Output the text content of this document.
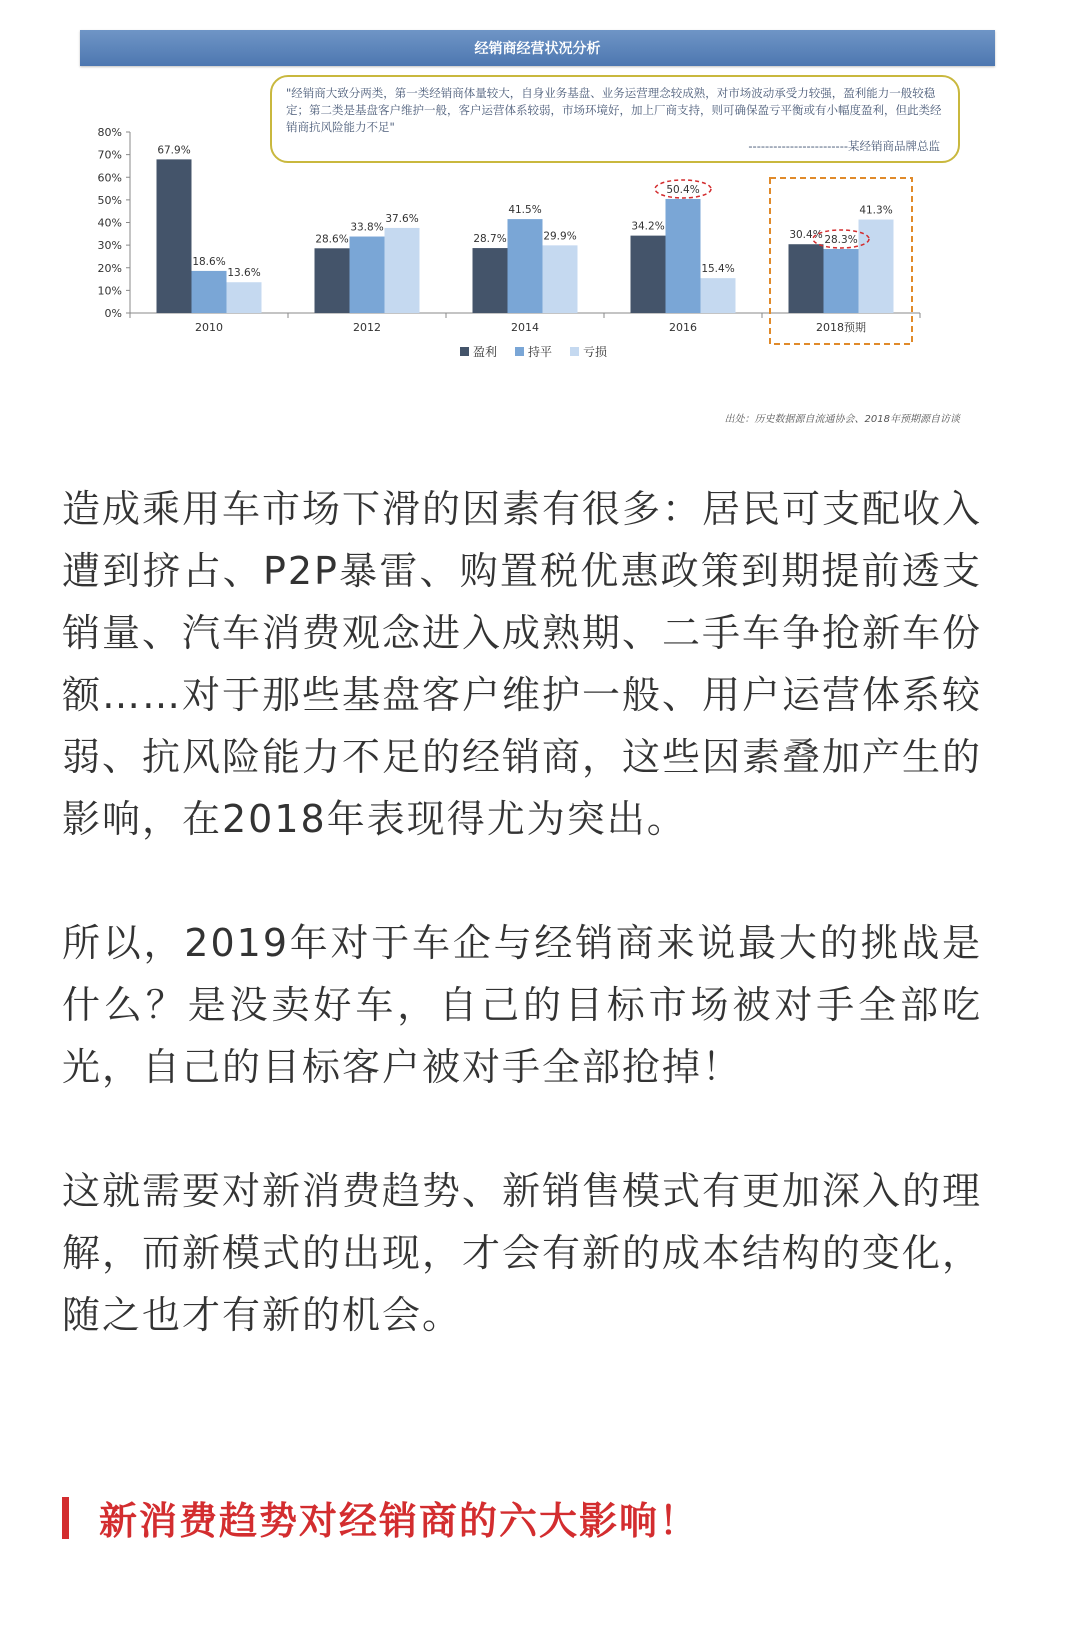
经销商经营状况分析
0%
10%
20%
30%
40%
50%
60%
70%
80%
67.9%
18.6%
13.6%
2010
28.6%
33.8%
37.6%
2012
28.7%
41.5%
29.9%
2014
34.2%
50.4%
15.4%
2016
30.4% 28.3%
41.3%
2018预期
盈利	持平	亏损
"经销商大致分两类，第一类经销商体量较大，自身业务基盘、业务运营理念较成熟，对市场波动承受力较强，盈利能力一般较稳定；第二类是基盘客户维护一般，客户运营体系较弱，市场环境好，加上厂商支持，则可确保盈亏平衡或有小幅度盈利，但此类经销商抗风险能力不足"
------------------------某经销商品牌总监
出处：历史数据源自流通协会、2018年预期源自访谈

造成乘用车市场下滑的因素有很多：居民可支配收入遭到挤占、P2P暴雷、购置税优惠政策到期提前透支销量、汽车消费观念进入成熟期、二手车争抢新车份额……对于那些基盘客户维护一般、用户运营体系较弱、抗风险能力不足的经销商，这些因素叠加产生的影响，在2018年表现得尤为突出。

所以，2019年对于车企与经销商来说最大的挑战是什么？是没卖好车，自己的目标市场被对手全部吃光，自己的目标客户被对手全部抢掉！

这就需要对新消费趋势、新销售模式有更加深入的理解，而新模式的出现，才会有新的成本结构的变化，随之也才有新的机会。

新消费趋势对经销商的六大影响！
